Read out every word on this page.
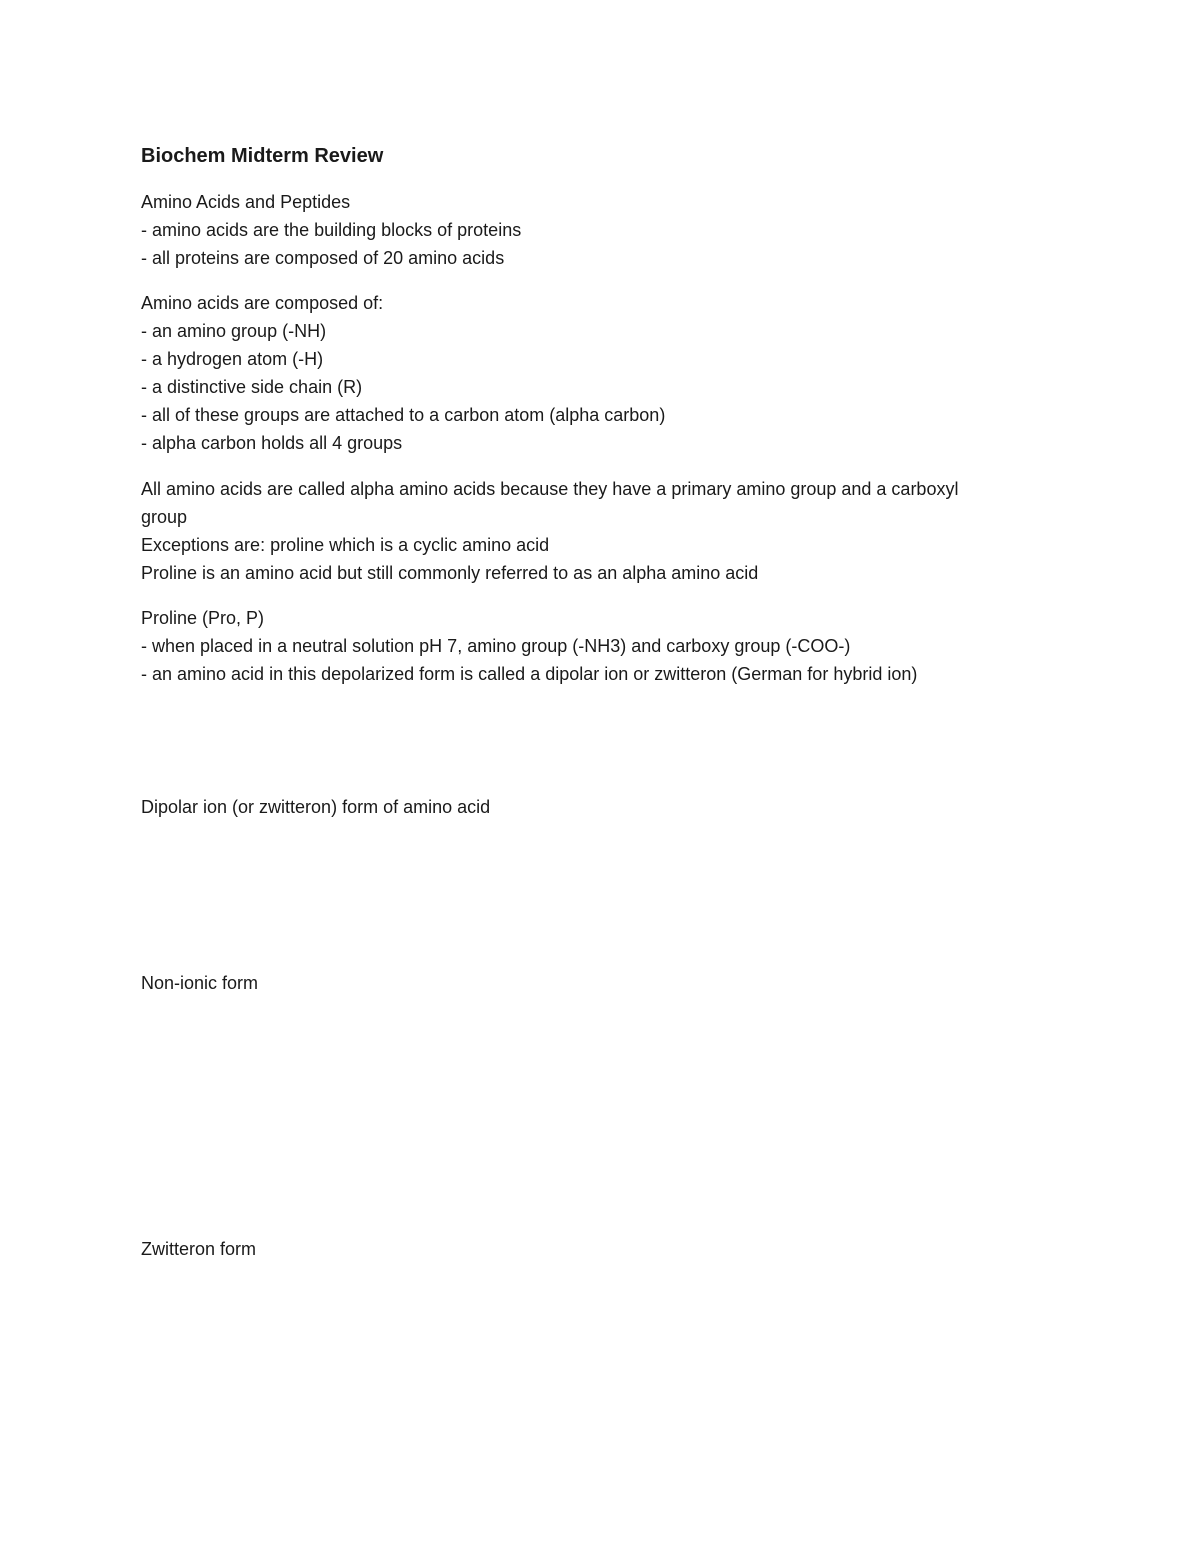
Biochem Midterm Review
Amino Acids and Peptides
- amino acids are the building blocks of proteins
- all proteins are composed of 20 amino acids
Amino acids are composed of:
- an amino group (-NH)
- a hydrogen atom (-H)
- a distinctive side chain (R)
- all of these groups are attached to a carbon atom (alpha carbon)
- alpha carbon holds all 4 groups
All amino acids are called alpha amino acids because they have a primary amino group and a carboxyl
group
Exceptions are: proline which is a cyclic amino acid
Proline is an amino acid but still commonly referred to as an alpha amino acid
Proline (Pro, P)
- when placed in a neutral solution pH 7, amino group (-NH3) and carboxy group (-COO-)
- an amino acid in this depolarized form is called a dipolar ion or zwitteron (German for hybrid ion)
Dipolar ion (or zwitteron) form of amino acid
Non-ionic form
Zwitteron form
